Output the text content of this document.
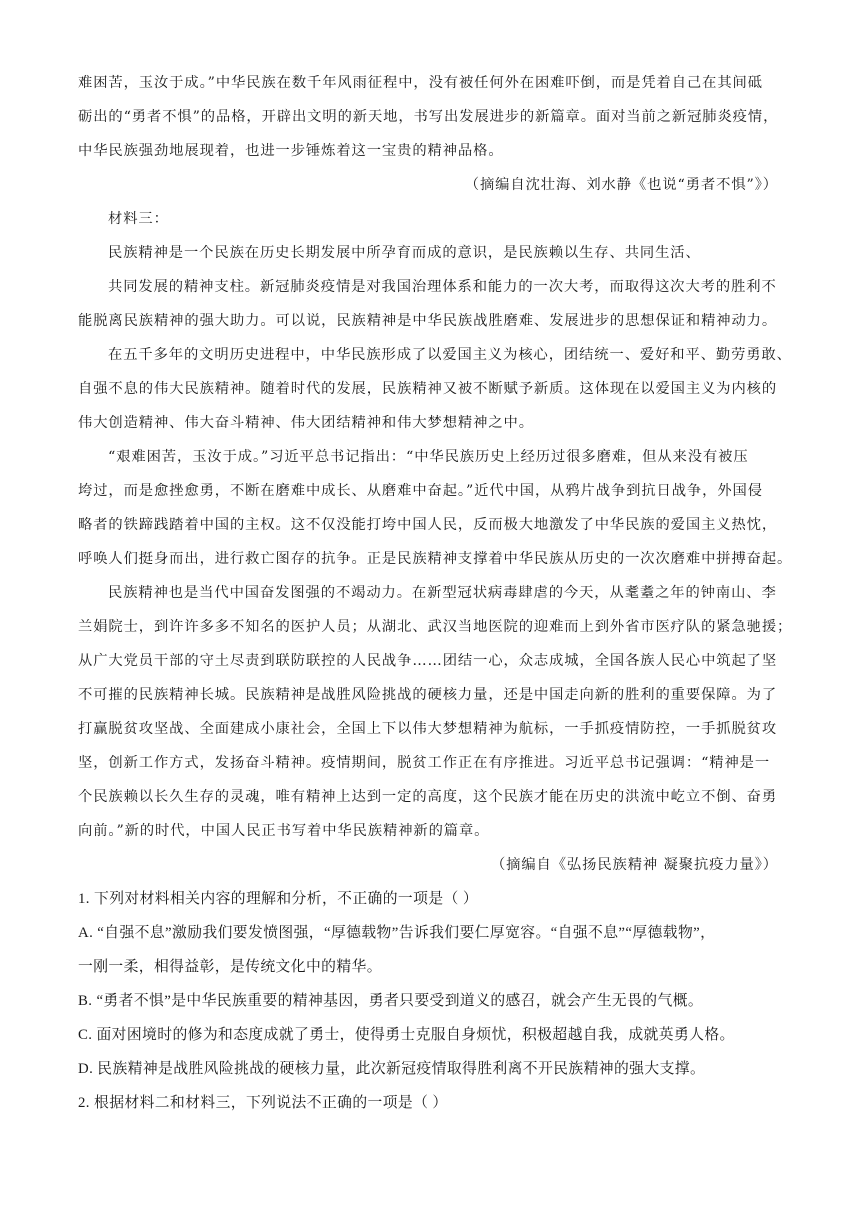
难困苦，玉汝于成。”中华民族在数千年风雨征程中，没有被任何外在困难吓倒，而是凭着自己在其间砥
砺出的“勇者不惧”的品格，开辟出文明的新天地，书写出发展进步的新篇章。面对当前之新冠肺炎疫情，
中华民族强劲地展现着，也进一步锤炼着这一宝贵的精神品格。
（摘编自沈壮海、刘水静《也说“勇者不惧”》）
材料三：
民族精神是一个民族在历史长期发展中所孕育而成的意识，是民族赖以生存、共同生活、
共同发展的精神支柱。新冠肺炎疫情是对我国治理体系和能力的一次大考，而取得这次大考的胜利不
能脱离民族精神的强大助力。可以说，民族精神是中华民族战胜磨难、发展进步的思想保证和精神动力。
在五千多年的文明历史进程中，中华民族形成了以爱国主义为核心，团结统一、爱好和平、勤劳勇敢、
自强不息的伟大民族精神。随着时代的发展，民族精神又被不断赋予新质。这体现在以爱国主义为内核的
伟大创造精神、伟大奋斗精神、伟大团结精神和伟大梦想精神之中。
“艰难困苦，玉汝于成。”习近平总书记指出：“中华民族历史上经历过很多磨难，但从来没有被压
垮过，而是愈挫愈勇，不断在磨难中成长、从磨难中奋起。”近代中国，从鸦片战争到抗日战争，外国侵
略者的铁蹄践踏着中国的主权。这不仅没能打垮中国人民，反而极大地激发了中华民族的爱国主义热忱，
呼唤人们挺身而出，进行救亡图存的抗争。正是民族精神支撑着中华民族从历史的一次次磨难中拼搏奋起。
民族精神也是当代中国奋发图强的不竭动力。在新型冠状病毒肆虐的今天，从耄耋之年的钟南山、李
兰娟院士，到许许多多不知名的医护人员；从湖北、武汉当地医院的迎难而上到外省市医疗队的紧急驰援；
从广大党员干部的守土尽责到联防联控的人民战争……团结一心，众志成城，全国各族人民心中筑起了坚
不可摧的民族精神长城。民族精神是战胜风险挑战的硬核力量，还是中国走向新的胜利的重要保障。为了
打赢脱贫攻坚战、全面建成小康社会，全国上下以伟大梦想精神为航标，一手抓疫情防控，一手抓脱贫攻
坚，创新工作方式，发扬奋斗精神。疫情期间，脱贫工作正在有序推进。习近平总书记强调：“精神是一
个民族赖以长久生存的灵魂，唯有精神上达到一定的高度，这个民族才能在历史的洪流中屹立不倒、奋勇
向前。”新的时代，中国人民正书写着中华民族精神新的篇章。
（摘编自《弘扬民族精神 凝聚抗疫力量》）
1. 下列对材料相关内容的理解和分析，不正确的一项是（ ）
A. “自强不息”激励我们要发愤图强，“厚德载物”告诉我们要仁厚宽容。“自强不息”“厚德载物”，
一刚一柔，相得益彰，是传统文化中的精华。
B. “勇者不惧”是中华民族重要的精神基因，勇者只要受到道义的感召，就会产生无畏的气概。
C. 面对困境时的修为和态度成就了勇士，使得勇士克服自身烦忧，积极超越自我，成就英勇人格。
D. 民族精神是战胜风险挑战的硬核力量，此次新冠疫情取得胜利离不开民族精神的强大支撑。
2. 根据材料二和材料三，下列说法不正确的一项是（ ）
